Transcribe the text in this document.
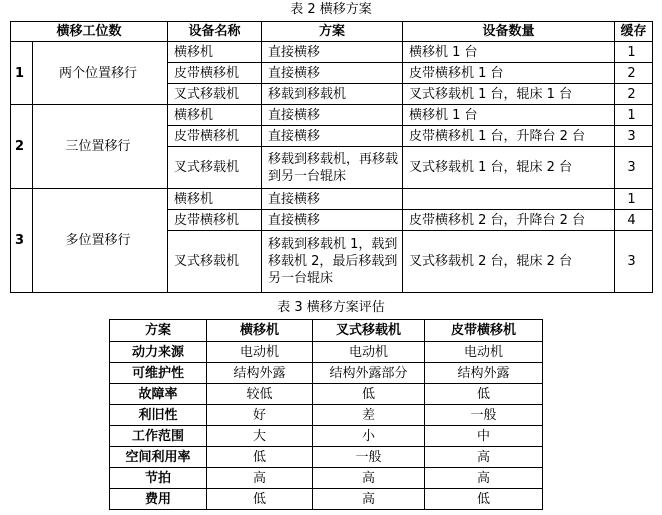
表 2 横移方案
横移工位数		设备名称	方案	设备数量	缓存
1	两个位置移行	横移机	直接横移	横移机 1 台	1
		皮带横移机	直接横移	皮带横移机 1 台	2
		叉式移载机	移载到移载机	叉式移载机 1 台，辊床 1 台	2
2	三位置移行	横移机	直接横移	横移机 1 台	1
		皮带横移机	直接横移	皮带横移机 1 台，升降台 2 台	3
		叉式移载机	移载到移载机，再移载到另一台辊床	叉式移载机 1 台，辊床 2 台	3
3	多位置移行	横移机	直接横移		1
		皮带横移机	直接横移	皮带横移机 2 台，升降台 2 台	4
		叉式移载机	移载到移载机 1，载到移载机 2，最后移载到另一台辊床	叉式移载机 2 台，辊床 2 台	3
表 3 横移方案评估
方案	横移机	叉式移载机	皮带横移机
动力来源	电动机	电动机	电动机
可维护性	结构外露	结构外露部分	结构外露
故障率	较低	低	低
利旧性	好	差	一般
工作范围	大	小	中
空间利用率	低	一般	高
节拍	高	高	高
费用	低	高	低
